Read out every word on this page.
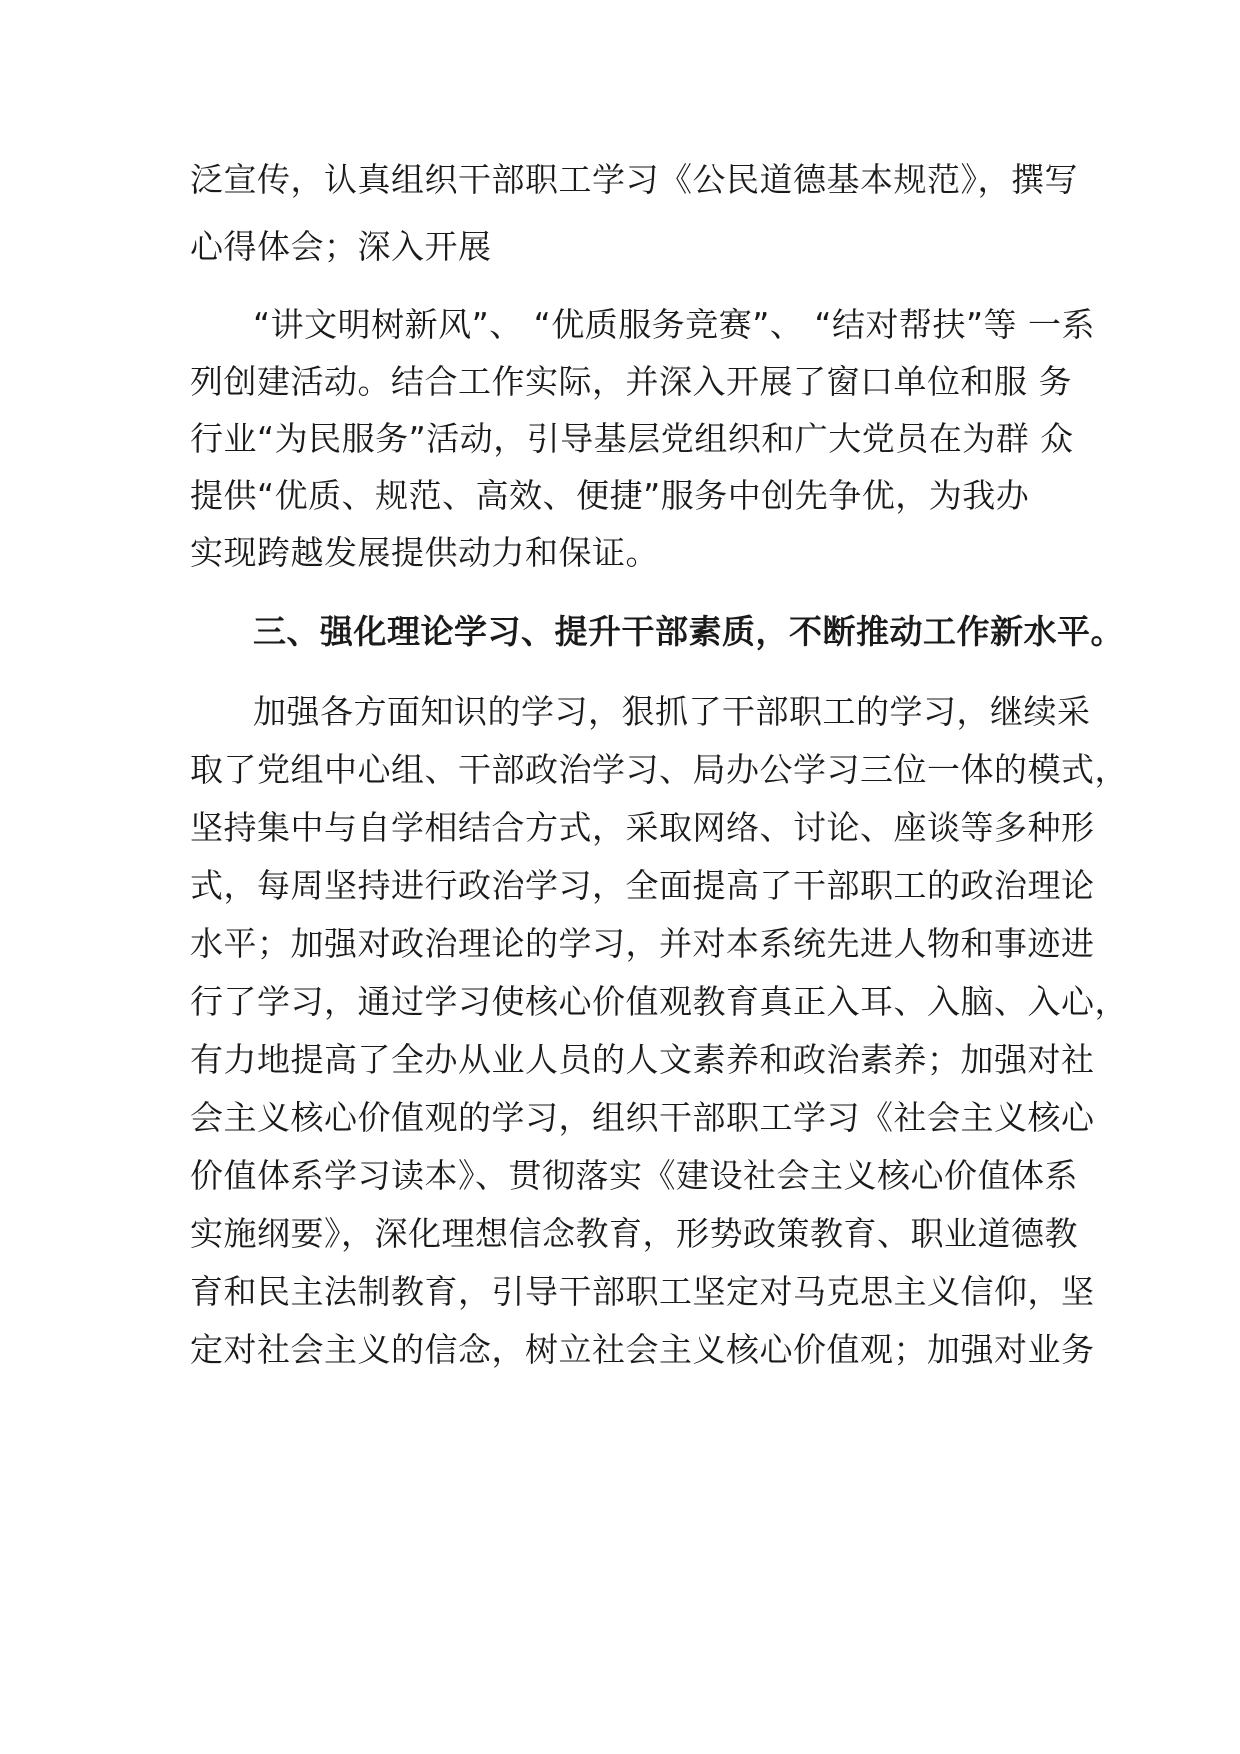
泛宣传，认真组织干部职工学习《公民道德基本规范》，撰写
心得体会；深入开展
“讲文明树新风”、 “优质服务竞赛”、 “结对帮扶”等 一系
列创建活动。结合工作实际，并深入开展了窗口单位和服 务
行业“为民服务”活动，引导基层党组织和广大党员在为群 众
提供“优质、规范、高效、便捷”服务中创先争优，为我办
实现跨越发展提供动力和保证。
三、强化理论学习、提升干部素质，不断推动工作新水平。
加强各方面知识的学习，狠抓了干部职工的学习，继续采
取了党组中心组、干部政治学习、局办公学习三位一体的模式，
坚持集中与自学相结合方式，采取网络、讨论、座谈等多种形
式，每周坚持进行政治学习，全面提高了干部职工的政治理论
水平；加强对政治理论的学习，并对本系统先进人物和事迹进
行了学习，通过学习使核心价值观教育真正入耳、入脑、入心，
有力地提高了全办从业人员的人文素养和政治素养；加强对社
会主义核心价值观的学习，组织干部职工学习《社会主义核心
价值体系学习读本》、贯彻落实《建设社会主义核心价值体系
实施纲要》，深化理想信念教育，形势政策教育、职业道德教
育和民主法制教育，引导干部职工坚定对马克思主义信仰，坚
定对社会主义的信念，树立社会主义核心价值观；加强对业务
